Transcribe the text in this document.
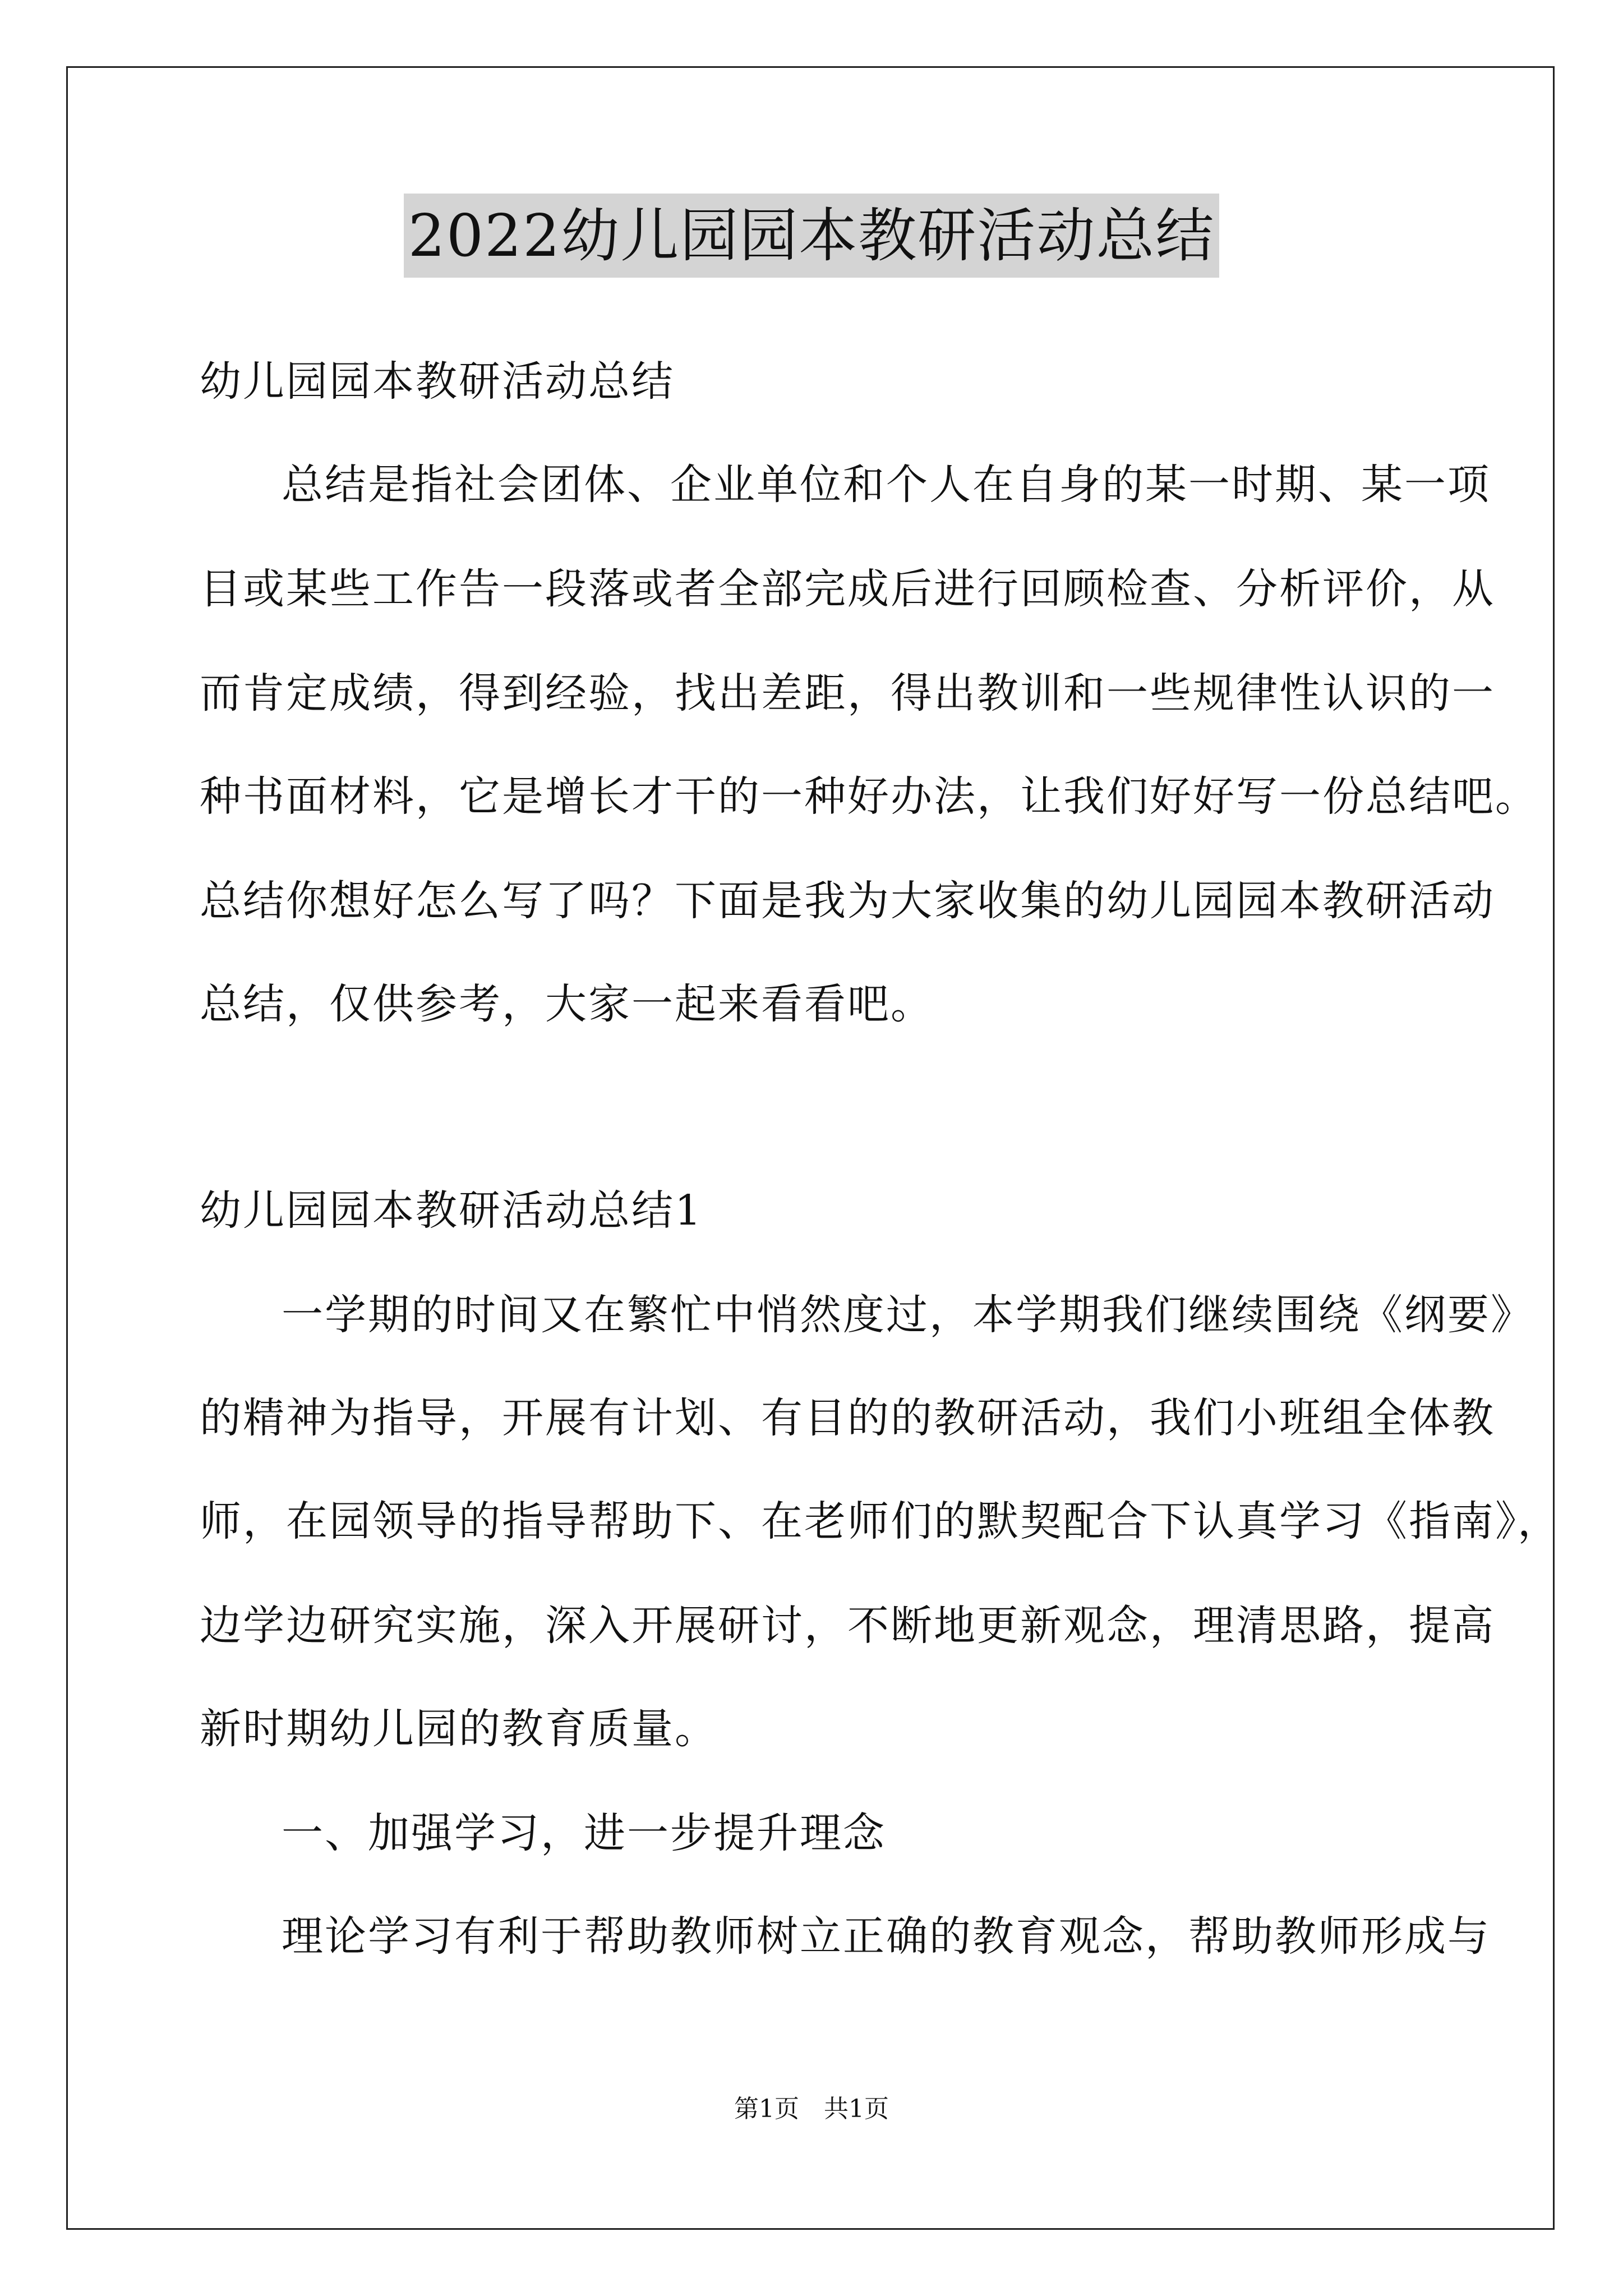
2022幼儿园园本教研活动总结
幼儿园园本教研活动总结
总结是指社会团体、企业单位和个人在自身的某一时期、某一项
目或某些工作告一段落或者全部完成后进行回顾检查、分析评价，从
而肯定成绩，得到经验，找出差距，得出教训和一些规律性认识的一
种书面材料，它是增长才干的一种好办法，让我们好好写一份总结吧。
总结你想好怎么写了吗？下面是我为大家收集的幼儿园园本教研活动
总结，仅供参考，大家一起来看看吧。
幼儿园园本教研活动总结1
一学期的时间又在繁忙中悄然度过，本学期我们继续围绕《纲要》
的精神为指导，开展有计划、有目的的教研活动，我们小班组全体教
师，在园领导的指导帮助下、在老师们的默契配合下认真学习《指南》，
边学边研究实施，深入开展研讨，不断地更新观念，理清思路，提高
新时期幼儿园的教育质量。
一、加强学习，进一步提升理念
理论学习有利于帮助教师树立正确的教育观念，帮助教师形成与
第1页　共1页
